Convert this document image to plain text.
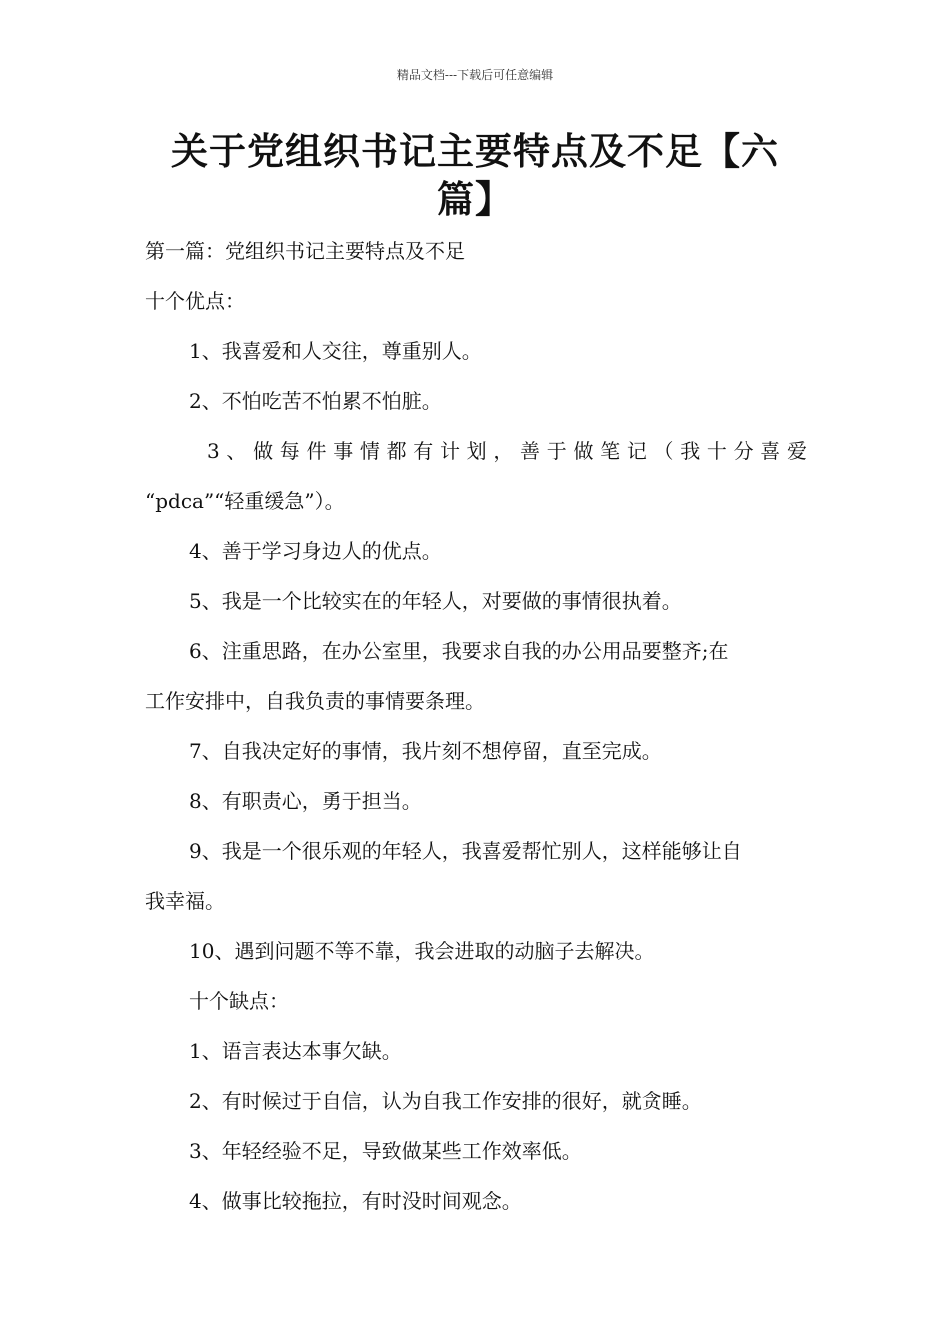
精品文档---下载后可任意编辑
关于党组织书记主要特点及不足【六
篇】
第一篇：党组织书记主要特点及不足
十个优点：
1、我喜爱和人交往，尊重别人。
2、不怕吃苦不怕累不怕脏。
3、做每件事情都有计划，善于做笔记（我十分喜爱
“pdca”“轻重缓急”）。
4、善于学习身边人的优点。
5、我是一个比较实在的年轻人，对要做的事情很执着。
6、注重思路，在办公室里，我要求自我的办公用品要整齐;在
工作安排中，自我负责的事情要条理。
7、自我决定好的事情，我片刻不想停留，直至完成。
8、有职责心，勇于担当。
9、我是一个很乐观的年轻人，我喜爱帮忙别人，这样能够让自
我幸福。
10、遇到问题不等不靠，我会进取的动脑子去解决。
十个缺点：
1、语言表达本事欠缺。
2、有时候过于自信，认为自我工作安排的很好，就贪睡。
3、年轻经验不足，导致做某些工作效率低。
4、做事比较拖拉，有时没时间观念。
